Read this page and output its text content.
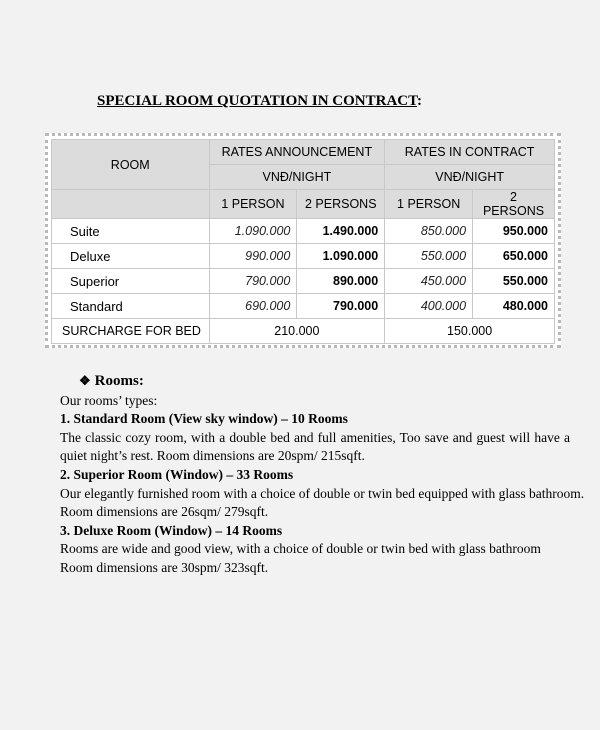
SPECIAL ROOM QUOTATION IN CONTRACT:
ROOM	RATES ANNOUNCEMENT		RATES IN CONTRACT	
	VNĐ/NIGHT		VNĐ/NIGHT	
	1 PERSON	2 PERSONS	1 PERSON	2 PERSONS
Suite	1.090.000	1.490.000	850.000	950.000
Deluxe	990.000	1.090.000	550.000	650.000
Superior	790.000	890.000	450.000	550.000
Standard	690.000	790.000	400.000	480.000
SURCHARGE FOR BED	210.000		150.000	
❖ Rooms:
Our rooms’ types:
1. Standard Room (View sky window) – 10 Rooms
The classic cozy room, with a double bed and full amenities, Too save and guest will have a
quiet night’s rest. Room dimensions are 20spm/ 215sqft.
2. Superior Room (Window) – 33 Rooms
Our elegantly furnished room with a choice of double or twin bed equipped with glass bathroom.
Room dimensions are 26sqm/ 279sqft.
3. Deluxe Room (Window) – 14 Rooms
Rooms are wide and good view, with a choice of double or twin bed with glass bathroom
Room dimensions are 30spm/ 323sqft.
